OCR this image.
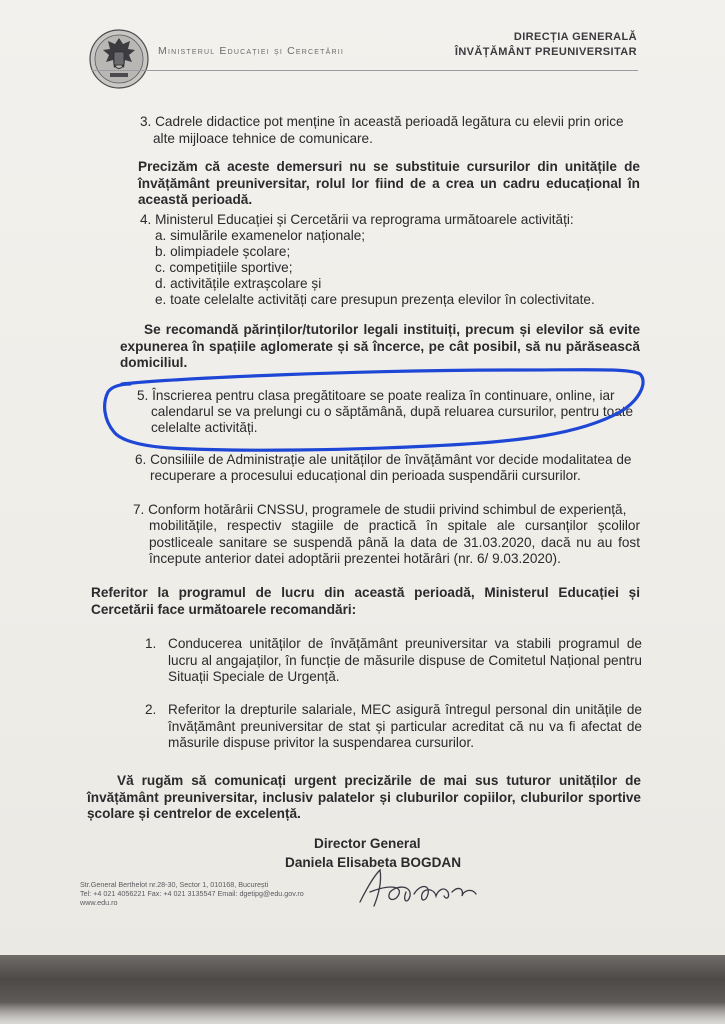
Ministerul Educației și Cercetării
DIRECȚIA GENERALĂ
ÎNVĂȚĂMÂNT PREUNIVERSITAR
3. Cadrele didactice pot menține în această perioadă legătura cu elevii prin orice
alte mijloace tehnice de comunicare.
Precizăm că aceste demersuri nu se substituie cursurilor din unitățile de învățământ preuniversitar, rolul lor fiind de a crea un cadru educațional în această perioadă.
4. Ministerul Educației și Cercetării va reprograma următoarele activități:
a. simulările examenelor naționale;
b. olimpiadele școlare;
c. competițiile sportive;
d. activitățile extrașcolare și
e. toate celelalte activități care presupun prezența elevilor în colectivitate.
Se recomandă părinților/tutorilor legali instituiți, precum și elevilor să evite expunerea în spațiile aglomerate și să încerce, pe cât posibil, să nu părăsească domiciliul.
5. Înscrierea pentru clasa pregătitoare se poate realiza în continuare, online, iar
calendarul se va prelungi cu o săptămână, după reluarea cursurilor, pentru toate
celelalte activități.
6. Consiliile de Administrație ale unităților de învățământ vor decide modalitatea de
recuperare a procesului educațional din perioada suspendării cursurilor.
7. Conform hotărârii CNSSU, programele de studii privind schimbul de experiență,
mobilitățile, respectiv stagiile de practică în spitale ale cursanților școlilor postliceale sanitare se suspendă până la data de 31.03.2020, dacă nu au fost începute anterior datei adoptării prezentei hotărâri (nr. 6/ 9.03.2020).
Referitor la programul de lucru din această perioadă, Ministerul Educației și Cercetării face următoarele recomandări:
1. Conducerea unităților de învățământ preuniversitar va stabili programul de lucru al angajaților, în funcție de măsurile dispuse de Comitetul Național pentru Situații Speciale de Urgență.
2. Referitor la drepturile salariale, MEC asigură întregul personal din unitățile de învățământ preuniversitar de stat și particular acreditat că nu va fi afectat de măsurile dispuse privitor la suspendarea cursurilor.
Vă rugăm să comunicați urgent precizările de mai sus tuturor unităților de învățământ preuniversitar, inclusiv palatelor și cluburilor copiilor, cluburilor sportive școlare și centrelor de excelență.
Director General
Daniela Elisabeta BOGDAN
Str.General Berthelot nr.28-30, Sector 1, 010168, București
Tel: +4 021 4056221 Fax: +4 021 3135547 Email: dgetipg@edu.gov.ro
www.edu.ro
